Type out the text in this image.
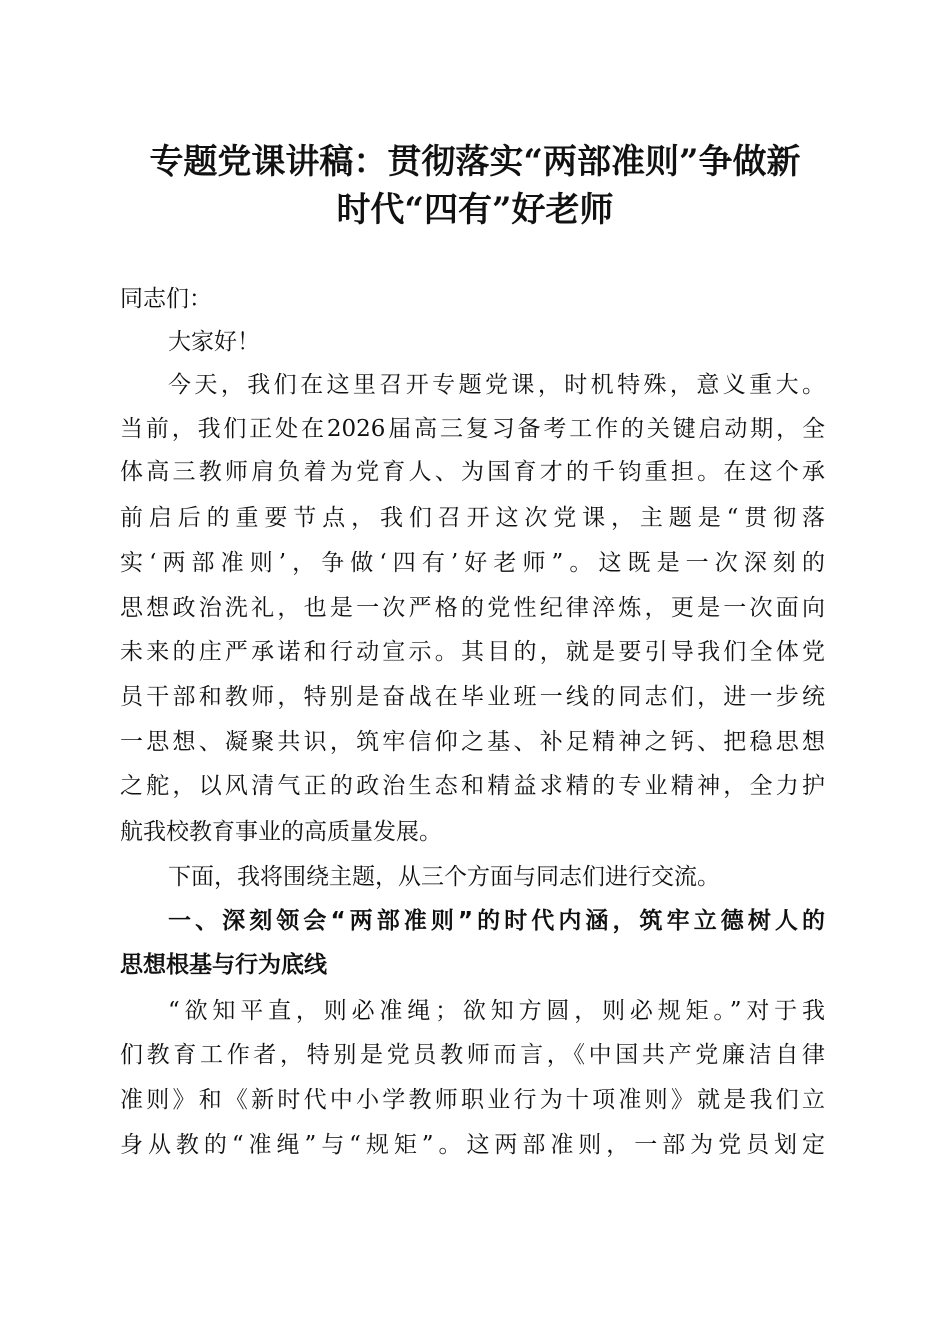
专题党课讲稿：贯彻落实“两部准则”争做新
时代“四有”好老师
同志们：
大家好！
今天，我们在这里召开专题党课，时机特殊，意义重大。
当前，我们正处在2026届高三复习备考工作的关键启动期，全
体高三教师肩负着为党育人、为国育才的千钧重担。在这个承
前启后的重要节点，我们召开这次党课，主题是“贯彻落
实‘两部准则’，争做‘四有’好老师”。这既是一次深刻的
思想政治洗礼，也是一次严格的党性纪律淬炼，更是一次面向
未来的庄严承诺和行动宣示。其目的，就是要引导我们全体党
员干部和教师，特别是奋战在毕业班一线的同志们，进一步统
一思想、凝聚共识，筑牢信仰之基、补足精神之钙、把稳思想
之舵，以风清气正的政治生态和精益求精的专业精神，全力护
航我校教育事业的高质量发展。
下面，我将围绕主题，从三个方面与同志们进行交流。
一、深刻领会“两部准则”的时代内涵，筑牢立德树人的
思想根基与行为底线
“欲知平直，则必准绳；欲知方圆，则必规矩。”对于我
们教育工作者，特别是党员教师而言，《中国共产党廉洁自律
准则》和《新时代中小学教师职业行为十项准则》就是我们立
身从教的“准绳”与“规矩”。这两部准则，一部为党员划定
